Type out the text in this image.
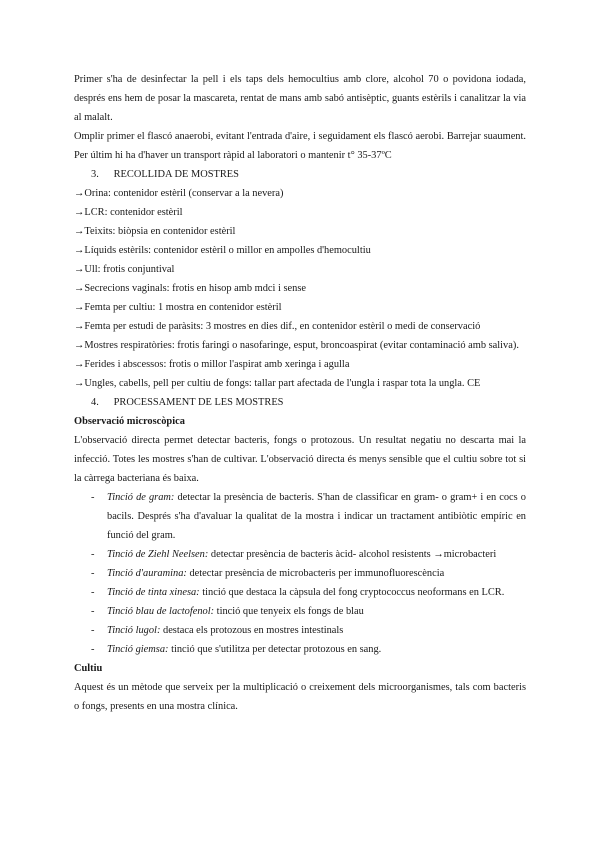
Primer s'ha de desinfectar la pell i els taps dels hemocultius amb clore, alcohol 70 o povidona iodada, després ens hem de posar la mascareta, rentat de mans amb sabó antisèptic, guants estèrils i canalitzar la via al malalt.

Omplir primer el flascó anaerobi, evitant l'entrada d'aire, i seguidament els flascó aerobi. Barrejar suaument. Per últim hi ha d'haver un transport ràpid al laboratori o mantenir t° 35-37ºC

3. RECOLLIDA DE MOSTRES

→Orina: contenidor estèril (conservar a la nevera)

→LCR: contenidor estèril

→Teixits: biòpsia en contenidor estèril

→Líquids estèrils: contenidor estèril o millor en ampolles d'hemocultiu

→Ull: frotis conjuntival

→Secrecions vaginals: frotis en hisop amb mdci i sense

→Femta per cultiu: 1 mostra en contenidor estèril

→Femta per estudi de paràsits: 3 mostres en dies dif., en contenidor estèril o medi de conservació

→Mostres respiratòries: frotis faringi o nasofaringe, esput, broncoaspirat (evitar contaminació amb saliva).

→Ferides i abscessos: frotis o millor l'aspirat amb xeringa i agulla

→Ungles, cabells, pell per cultiu de fongs: tallar part afectada de l'ungla i raspar tota la ungla. CE

4. PROCESSAMENT DE LES MOSTRES

Observació microscòpica

L'observació directa permet detectar bacteris, fongs o protozous. Un resultat negatiu no descarta mai la infecció. Totes les mostres s'han de cultivar. L'observació directa és menys sensible que el cultiu sobre tot si la càrrega bacteriana és baixa.

- Tinció de gram: detectar la presència de bacteris. S'han de classificar en gram- o gram+ i en cocs o bacils. Després s'ha d'avaluar la qualitat de la mostra i indicar un tractament antibiòtic empíric en funció del gram.
- Tinció de Ziehl Neelsen: detectar presència de bacteris àcid- alcohol resistents →microbacteri
- Tinció d'auramina: detectar presència de microbacteris per immunofluorescència
- Tinció de tinta xinesa: tinció que destaca la càpsula del fong cryptococcus neoformans en LCR.
- Tinció blau de lactofenol: tinció que tenyeix els fongs de blau
- Tinció lugol: destaca els protozous en mostres intestinals
- Tinció giemsa: tinció que s'utilitza per detectar protozous en sang.

Cultiu

Aquest és un mètode que serveix per la multiplicació o creixement dels microorganismes, tals com bacteris o fongs, presents en una mostra clínica.
